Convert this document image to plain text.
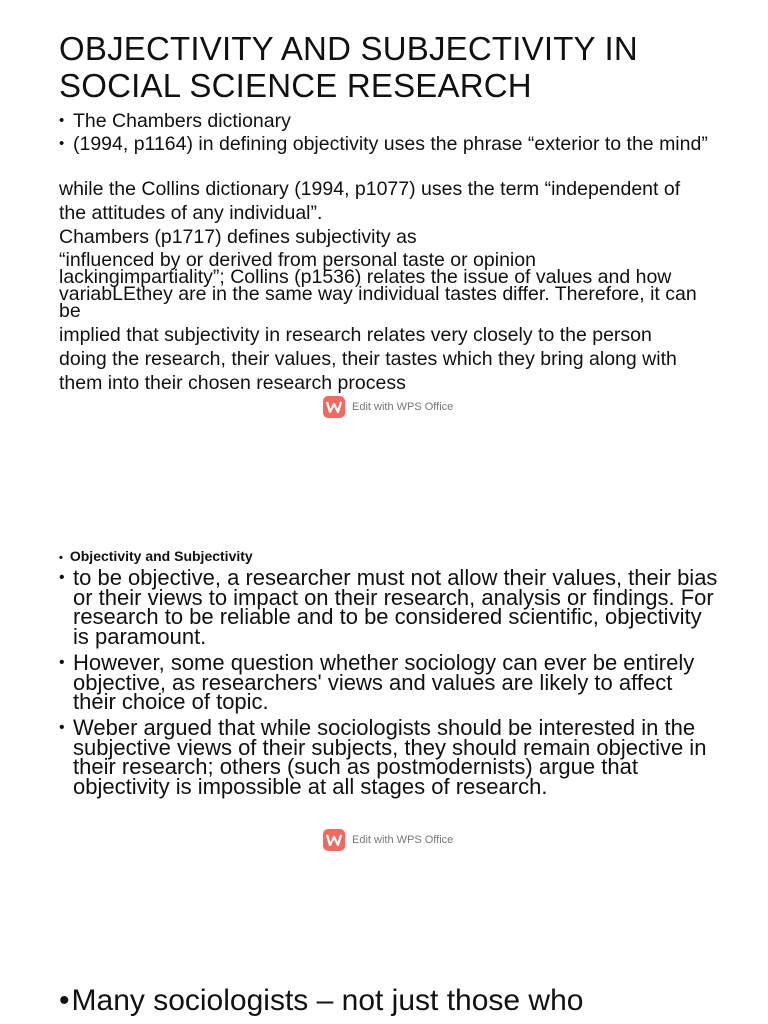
OBJECTIVITY AND SUBJECTIVITY IN SOCIAL SCIENCE RESEARCH
• The Chambers dictionary
• (1994, p1164) in defining objectivity uses the phrase “exterior to the mind”
while the Collins dictionary (1994, p1077) uses the term “independent of
the attitudes of any individual”.
Chambers (p1717) defines subjectivity as
“influenced by or derived from personal taste or opinion
lackingimpartiality”; Collins (p1536) relates the issue of values and how
variabLEthey are in the same way individual tastes differ. Therefore, it can
be
implied that subjectivity in research relates very closely to the person
doing the research, their values, their tastes which they bring along with
them into their chosen research process
Edit with WPS Office
• Objectivity and Subjectivity
• to be objective, a researcher must not allow their values, their bias or their views to impact on their research, analysis or findings. For research to be reliable and to be considered scientific, objectivity is paramount.
• However, some question whether sociology can ever be entirely objective, as researchers' views and values are likely to affect their choice of topic.
• Weber argued that while sociologists should be interested in the subjective views of their subjects, they should remain objective in their research; others (such as postmodernists) argue that objectivity is impossible at all stages of research.
Edit with WPS Office
•Many sociologists – not just those who
